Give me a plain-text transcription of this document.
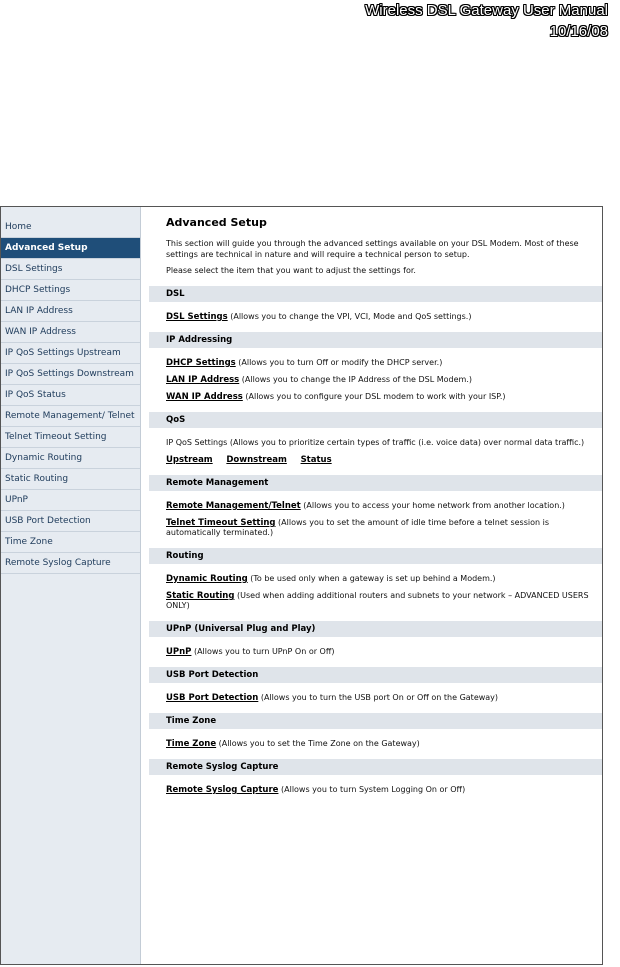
Wireless DSL Gateway User Manual
10/16/08
Home
Advanced Setup
DSL Settings
DHCP Settings
LAN IP Address
WAN IP Address
IP QoS Settings Upstream
IP QoS Settings Downstream
IP QoS Status
Remote Management/ Telnet
Telnet Timeout Setting
Dynamic Routing
Static Routing
UPnP
USB Port Detection
Time Zone
Remote Syslog Capture
Advanced Setup
This section will guide you through the advanced settings available on your DSL Modem. Most of these settings are technical in nature and will require a technical person to setup.
Please select the item that you want to adjust the settings for.
DSL
DSL Settings (Allows you to change the VPI, VCI, Mode and QoS settings.)
IP Addressing
DHCP Settings (Allows you to turn Off or modify the DHCP server.)
LAN IP Address (Allows you to change the IP Address of the DSL Modem.)
WAN IP Address (Allows you to configure your DSL modem to work with your ISP.)
QoS
IP QoS Settings (Allows you to prioritize certain types of traffic (i.e. voice data) over normal data traffic.)
Upstream Downstream Status
Remote Management
Remote Management/Telnet (Allows you to access your home network from another location.)
Telnet Timeout Setting (Allows you to set the amount of idle time before a telnet session is automatically terminated.)
Routing
Dynamic Routing (To be used only when a gateway is set up behind a Modem.)
Static Routing (Used when adding additional routers and subnets to your network – ADVANCED USERS ONLY)
UPnP (Universal Plug and Play)
UPnP (Allows you to turn UPnP On or Off)
USB Port Detection
USB Port Detection (Allows you to turn the USB port On or Off on the Gateway)
Time Zone
Time Zone (Allows you to set the Time Zone on the Gateway)
Remote Syslog Capture
Remote Syslog Capture (Allows you to turn System Logging On or Off)
